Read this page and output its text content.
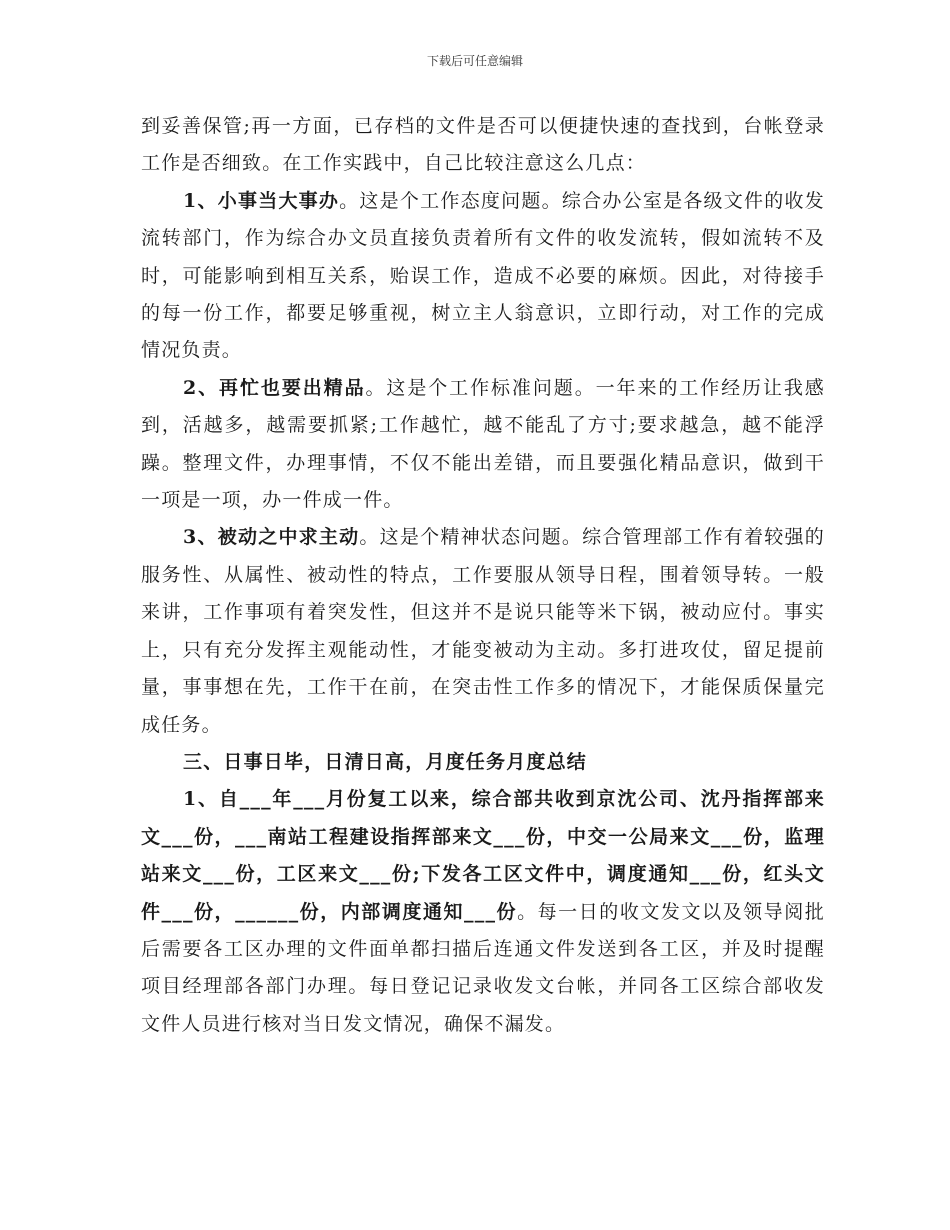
下载后可任意编辑

到妥善保管;再一方面，已存档的文件是否可以便捷快速的查找到，台帐登录工作是否细致。在工作实践中，自己比较注意这么几点：

1、小事当大事办。这是个工作态度问题。综合办公室是各级文件的收发流转部门，作为综合办文员直接负责着所有文件的收发流转，假如流转不及时，可能影响到相互关系，贻误工作，造成不必要的麻烦。因此，对待接手的每一份工作，都要足够重视，树立主人翁意识，立即行动，对工作的完成情况负责。

2、再忙也要出精品。这是个工作标准问题。一年来的工作经历让我感到，活越多，越需要抓紧;工作越忙，越不能乱了方寸;要求越急，越不能浮躁。整理文件，办理事情，不仅不能出差错，而且要强化精品意识，做到干一项是一项，办一件成一件。

3、被动之中求主动。这是个精神状态问题。综合管理部工作有着较强的服务性、从属性、被动性的特点，工作要服从领导日程，围着领导转。一般来讲，工作事项有着突发性，但这并不是说只能等米下锅，被动应付。事实上，只有充分发挥主观能动性，才能变被动为主动。多打进攻仗，留足提前量，事事想在先，工作干在前，在突击性工作多的情况下，才能保质保量完成任务。

三、日事日毕，日清日高，月度任务月度总结

1、自___年___月份复工以来，综合部共收到京沈公司、沈丹指挥部来文___份，___南站工程建设指挥部来文___份，中交一公局来文___份，监理站来文___份，工区来文___份;下发各工区文件中，调度通知___份，红头文件___份，______份，内部调度通知___份。每一日的收文发文以及领导阅批后需要各工区办理的文件面单都扫描后连通文件发送到各工区，并及时提醒项目经理部各部门办理。每日登记记录收发文台帐，并同各工区综合部收发文件人员进行核对当日发文情况，确保不漏发。
